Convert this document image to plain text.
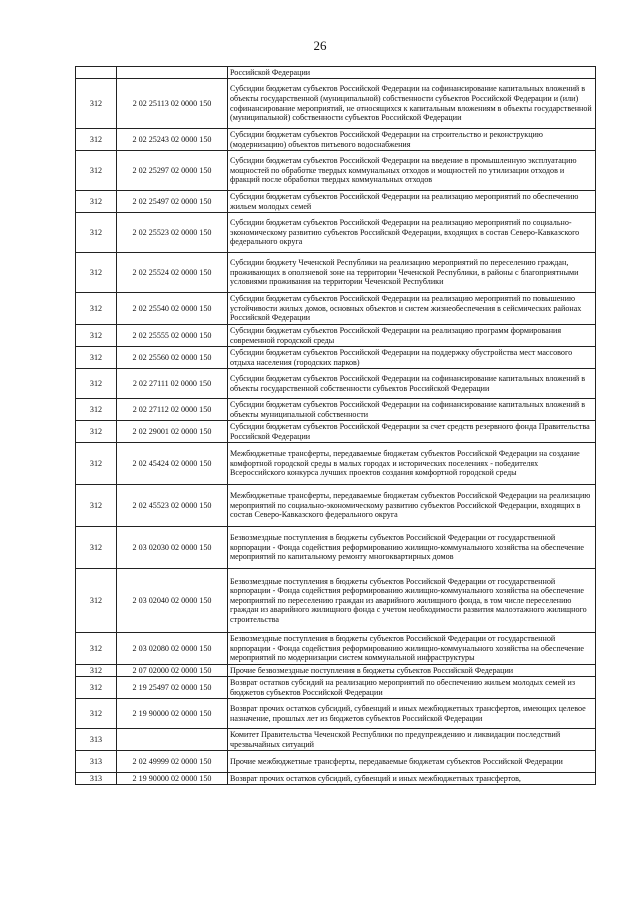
26
		Российской Федерации
312	2 02 25113 02 0000 150	Субсидии бюджетам субъектов Российской Федерации на софинансирование капитальных вложений в объекты государственной (муниципальной) собственности субъектов Российской Федерации и (или) софинансирование мероприятий, не относящихся к капитальным вложениям в объекты государственной (муниципальной) собственности субъектов Российской Федерации
312	2 02 25243 02 0000 150	Субсидии бюджетам субъектов Российской Федерации на строительство и реконструкцию (модернизацию) объектов питьевого водоснабжения
312	2 02 25297 02 0000 150	Субсидии бюджетам субъектов Российской Федерации на введение в промышленную эксплуатацию мощностей по обработке твердых коммунальных отходов и мощностей по утилизации отходов и фракций после обработки твердых коммунальных отходов
312	2 02 25497 02 0000 150	Субсидии бюджетам субъектов Российской Федерации на реализацию мероприятий по обеспечению жильем молодых семей
312	2 02 25523 02 0000 150	Субсидии бюджетам субъектов Российской Федерации на реализацию мероприятий по социально-экономическому развитию субъектов Российской Федерации, входящих в состав Северо-Кавказского федерального округа
312	2 02 25524 02 0000 150	Субсидии бюджету Чеченской Республики на реализацию мероприятий по переселению граждан, проживающих в оползневой зоне на территории Чеченской Республики, в районы с благоприятными условиями проживания на территории Чеченской Республики
312	2 02 25540 02 0000 150	Субсидии бюджетам субъектов Российской Федерации на реализацию мероприятий по повышению устойчивости жилых домов, основных объектов и систем жизнеобеспечения в сейсмических районах Российской Федерации
312	2 02 25555 02 0000 150	Субсидии бюджетам субъектов Российской Федерации на реализацию программ формирования современной городской среды
312	2 02 25560 02 0000 150	Субсидии бюджетам субъектов Российской Федерации на поддержку обустройства мест массового отдыха населения (городских парков)
312	2 02 27111 02 0000 150	Субсидии бюджетам субъектов Российской Федерации на софинансирование капитальных вложений в объекты государственной собственности субъектов Российской Федерации
312	2 02 27112 02 0000 150	Субсидии бюджетам субъектов Российской Федерации на софинансирование капитальных вложений в объекты муниципальной собственности
312	2 02 29001 02 0000 150	Субсидии бюджетам субъектов Российской Федерации за счет средств резервного фонда Правительства Российской Федерации
312	2 02 45424 02 0000 150	Межбюджетные трансферты, передаваемые бюджетам субъектов Российской Федерации на создание комфортной городской среды в малых городах и исторических поселениях - победителях Всероссийского конкурса лучших проектов создания комфортной городской среды
312	2 02 45523 02 0000 150	Межбюджетные трансферты, передаваемые бюджетам субъектов Российской Федерации на реализацию мероприятий по социально-экономическому развитию субъектов Российской Федерации, входящих в состав Северо-Кавказского федерального округа
312	2 03 02030 02 0000 150	Безвозмездные поступления в бюджеты субъектов Российской Федерации от государственной корпорации - Фонда содействия реформированию жилищно-коммунального хозяйства на обеспечение мероприятий по капитальному ремонту многоквартирных домов
312	2 03 02040 02 0000 150	Безвозмездные поступления в бюджеты субъектов Российской Федерации от государственной корпорации - Фонда содействия реформированию жилищно-коммунального хозяйства на обеспечение мероприятий по переселению граждан из аварийного жилищного фонда, в том числе переселению граждан из аварийного жилищного фонда с учетом необходимости развития малоэтажного жилищного строительства
312	2 03 02080 02 0000 150	Безвозмездные поступления в бюджеты субъектов Российской Федерации от государственной корпорации - Фонда содействия реформированию жилищно-коммунального хозяйства на обеспечение мероприятий по модернизации систем коммунальной инфраструктуры
312	2 07 02000 02 0000 150	Прочие безвозмездные поступления в бюджеты субъектов Российской Федерации
312	2 19 25497 02 0000 150	Возврат остатков субсидий на реализацию мероприятий по обеспечению жильем молодых семей из бюджетов субъектов Российской Федерации
312	2 19 90000 02 0000 150	Возврат прочих остатков субсидий, субвенций и иных межбюджетных трансфертов, имеющих целевое назначение, прошлых лет из бюджетов субъектов Российской Федерации
313		Комитет Правительства Чеченской Республики по предупреждению и ликвидации последствий чрезвычайных ситуаций
313	2 02 49999 02 0000 150	Прочие межбюджетные трансферты, передаваемые бюджетам субъектов Российской Федерации
313	2 19 90000 02 0000 150	Возврат прочих остатков субсидий, субвенций и иных межбюджетных трансфертов,
